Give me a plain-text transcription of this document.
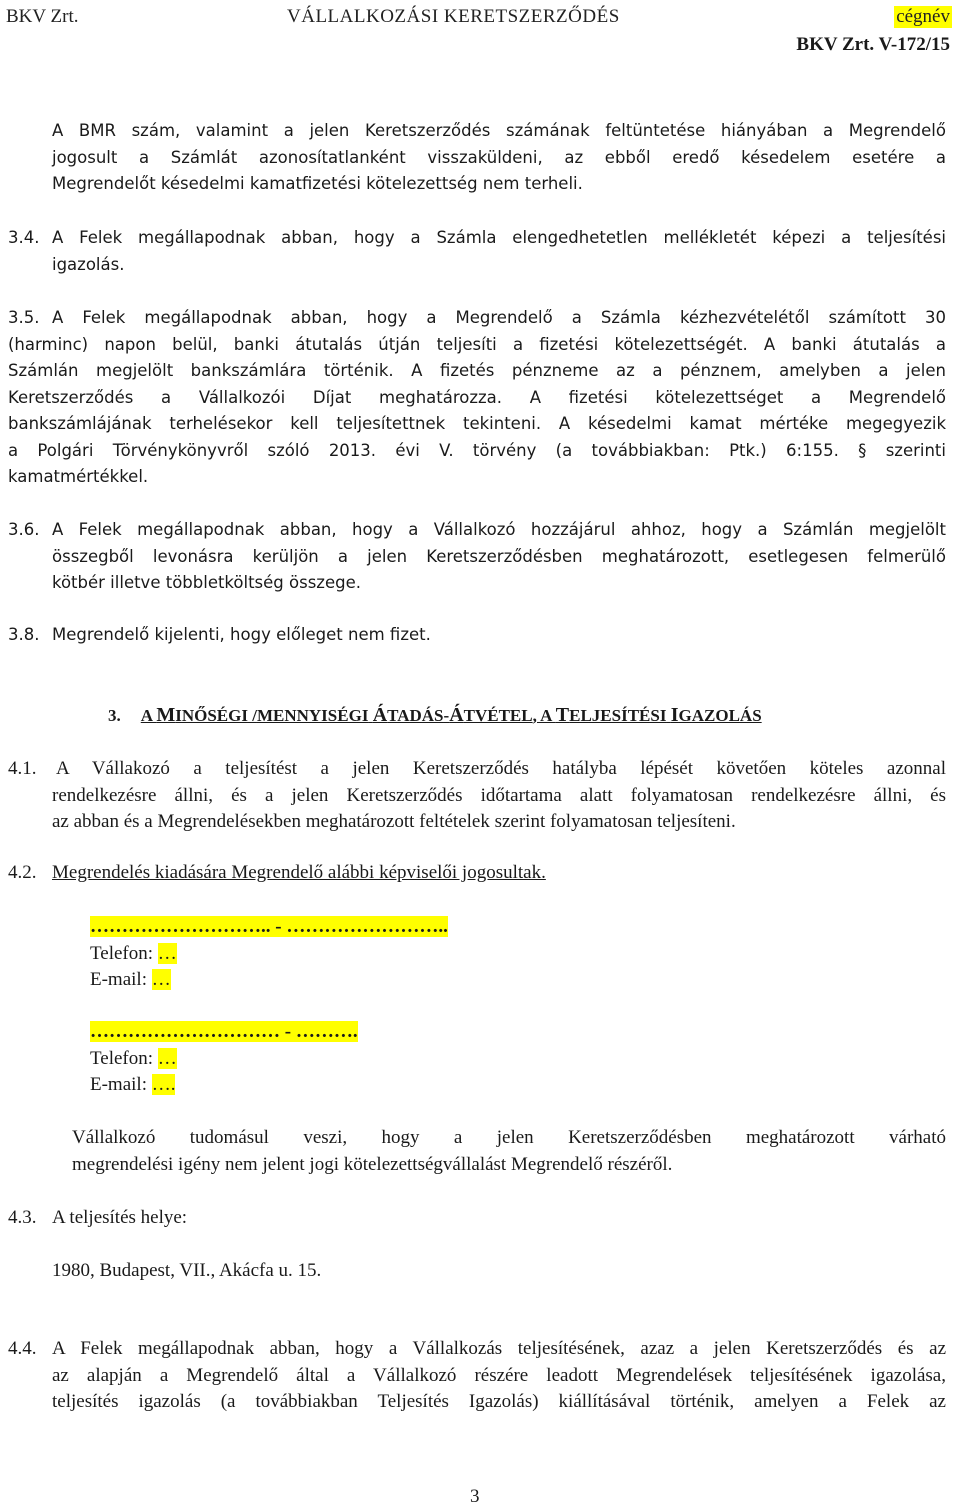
BKV Zrt.	VÁLLALKOZÁSI KERETSZERZŐDÉS	cégnév
BKV Zrt. V-172/15
A BMR szám, valamint a jelen Keretszerződés számának feltüntetése hiányában a Megrendelő
jogosult a Számlát azonosítatlanként visszaküldeni, az ebből eredő késedelem esetére a
Megrendelőt késedelmi kamatfizetési kötelezettség nem terheli.
3.4. A Felek megállapodnak abban, hogy a Számla elengedhetetlen mellékletét képezi a teljesítési
igazolás.
3.5. A Felek megállapodnak abban, hogy a Megrendelő a Számla kézhezvételétől számított 30
(harminc) napon belül, banki átutalás útján teljesíti a fizetési kötelezettségét. A banki átutalás a
Számlán megjelölt bankszámlára történik. A fizetés pénzneme az a pénznem, amelyben a jelen
Keretszerződés a Vállalkozói Díjat meghatározza. A fizetési kötelezettséget a Megrendelő
bankszámlájának terhelésekor kell teljesítettnek tekinteni. A késedelmi kamat mértéke megegyezik
a Polgári Törvénykönyvről szóló 2013. évi V. törvény (a továbbiakban: Ptk.) 6:155. § szerinti
kamatmértékkel.
3.6. A Felek megállapodnak abban, hogy a Vállalkozó hozzájárul ahhoz, hogy a Számlán megjelölt
összegből levonásra kerüljön a jelen Keretszerződésben meghatározott, esetlegesen felmerülő
kötbér illetve többletköltség összege.
3.8. Megrendelő kijelenti, hogy előleget nem fizet.
3. A MINŐSÉGI /MENNYISÉGI ÁTADÁS-ÁTVÉTEL, A TELJESÍTÉSI IGAZOLÁS
4.1. A Vállakozó a teljesítést a jelen Keretszerződés hatályba lépését követően köteles azonnal
rendelkezésre állni, és a jelen Keretszerződés időtartama alatt folyamatosan rendelkezésre állni, és
az abban és a Megrendelésekben meghatározott feltételek szerint folyamatosan teljesíteni.
4.2. Megrendelés kiadására Megrendelő alábbi képviselői jogosultak.
……………………….. - ……………………..
Telefon: …
E-mail: …
………………………… - ……….
Telefon: …
E-mail: ….
Vállalkozó tudomásul veszi, hogy a jelen Keretszerződésben meghatározott várható
megrendelési igény nem jelent jogi kötelezettségvállalást Megrendelő részéről.
4.3. A teljesítés helye:
1980, Budapest, VII., Akácfa u. 15.
4.4. A Felek megállapodnak abban, hogy a Vállalkozás teljesítésének, azaz a jelen Keretszerződés és az
az alapján a Megrendelő által a Vállalkozó részére leadott Megrendelések teljesítésének igazolása,
teljesítés igazolás (a továbbiakban Teljesítés Igazolás) kiállításával történik, amelyen a Felek az
3
